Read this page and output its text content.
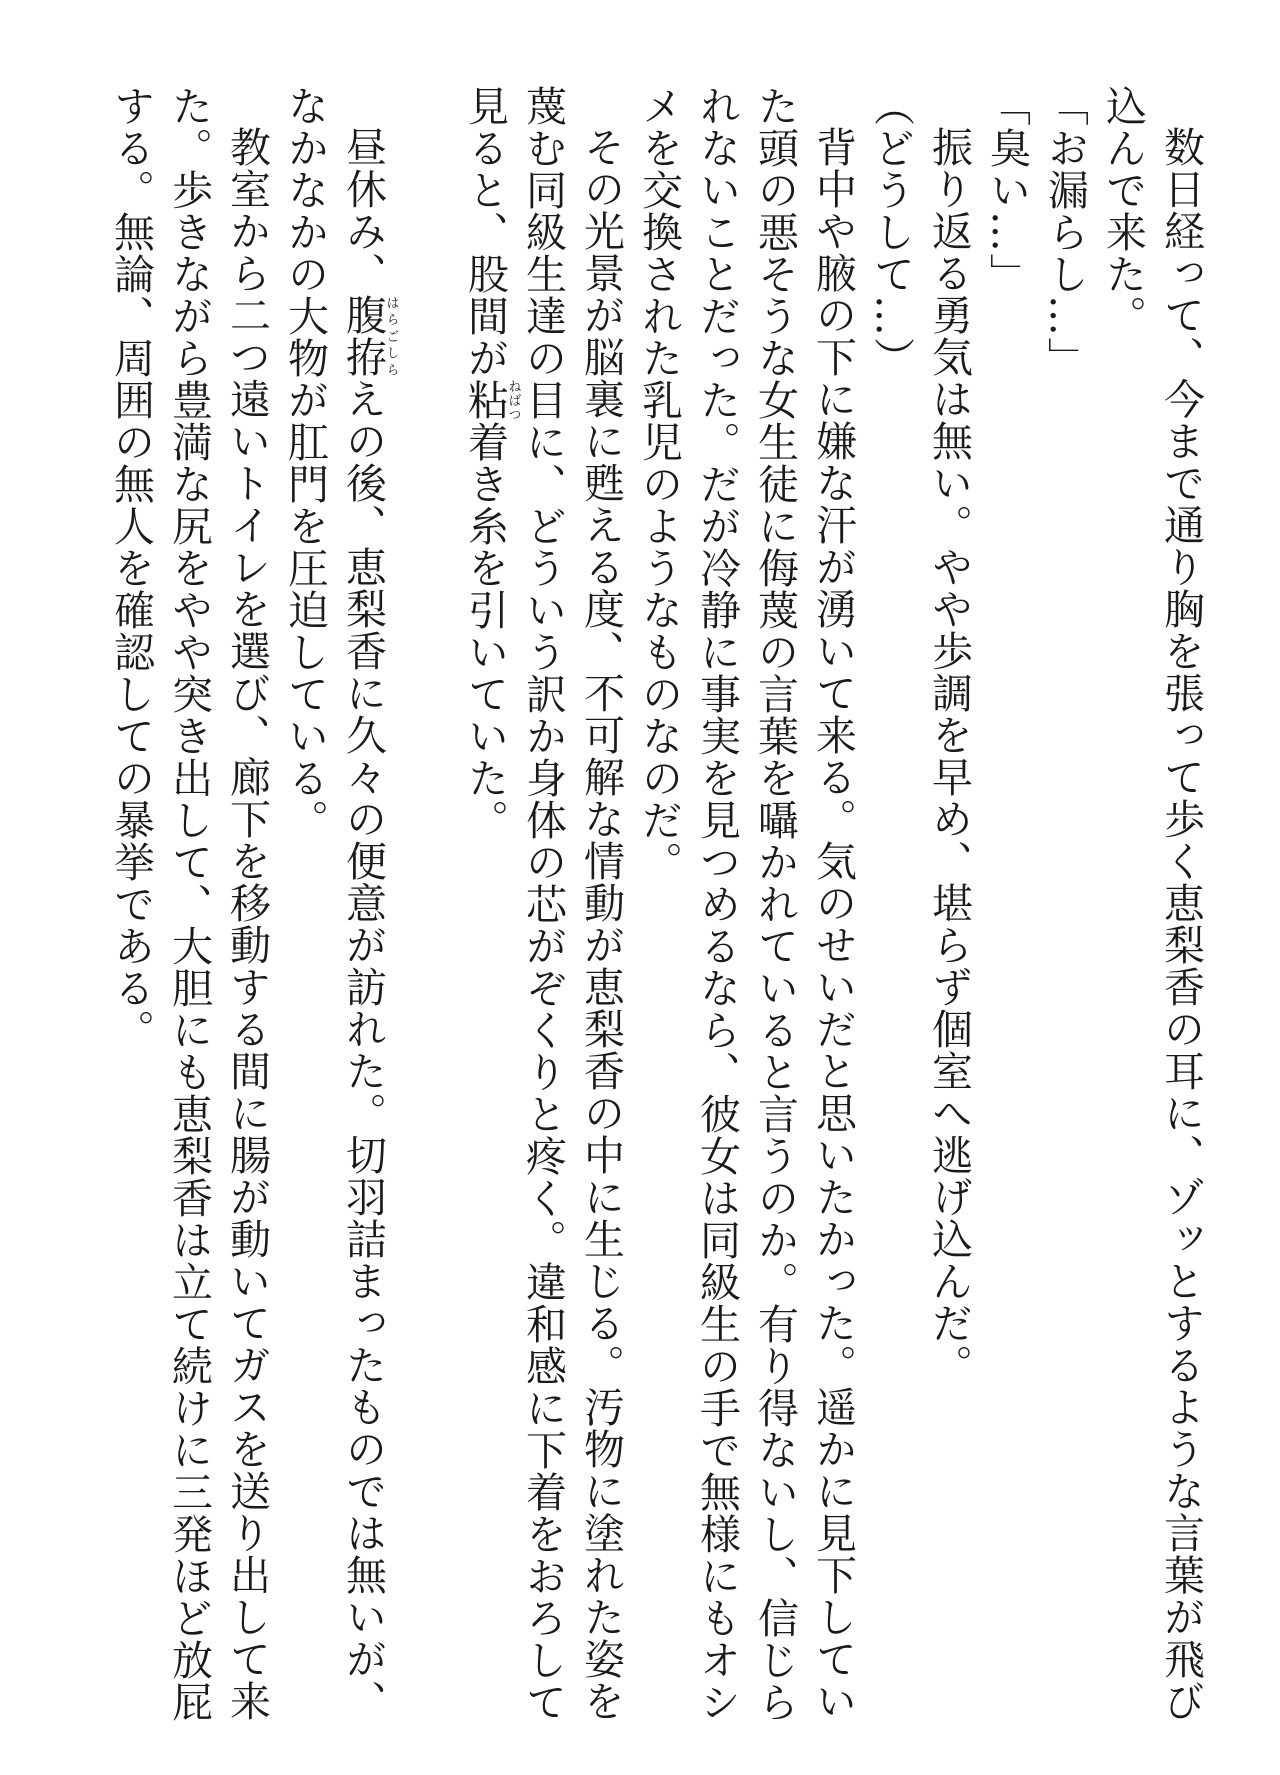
数日経って、今まで通り胸を張って歩く恵梨香の耳に、ゾッとするような言葉が飛び込んで来た。

「お漏らし…」

「臭い…」

振り返る勇気は無い。やや歩調を早め、堪らず個室へ逃げ込んだ。

（どうして…）

背中や腋の下に嫌な汗が湧いて来る。気のせいだと思いたかった。遥かに見下していた頭の悪そうな女生徒に侮蔑の言葉を囁かれていると言うのか。有り得ないし、信じられないことだった。だが冷静に事実を見つめるなら、彼女は同級生の手で無様にもオシメを交換された乳児のようなものなのだ。

その光景が脳裏に甦える度、不可解な情動が恵梨香の中に生じる。汚物に塗れた姿を蔑む同級生達の目に、どういう訳か身体の芯がぞくりと疼く。違和感に下着をおろして見ると、股間が粘ねばつ着き糸を引いていた。

昼休み、腹拵はらごしらえの後、恵梨香に久々の便意が訪れた。切羽詰まったものでは無いが、なかなかの大物が肛門を圧迫している。

教室から二つ遠いトイレを選び、廊下を移動する間に腸が動いてガスを送り出して来た。歩きながら豊満な尻をやや突き出して、大胆にも恵梨香は立て続けに三発ほど放屁する。無論、周囲の無人を確認しての暴挙である。
